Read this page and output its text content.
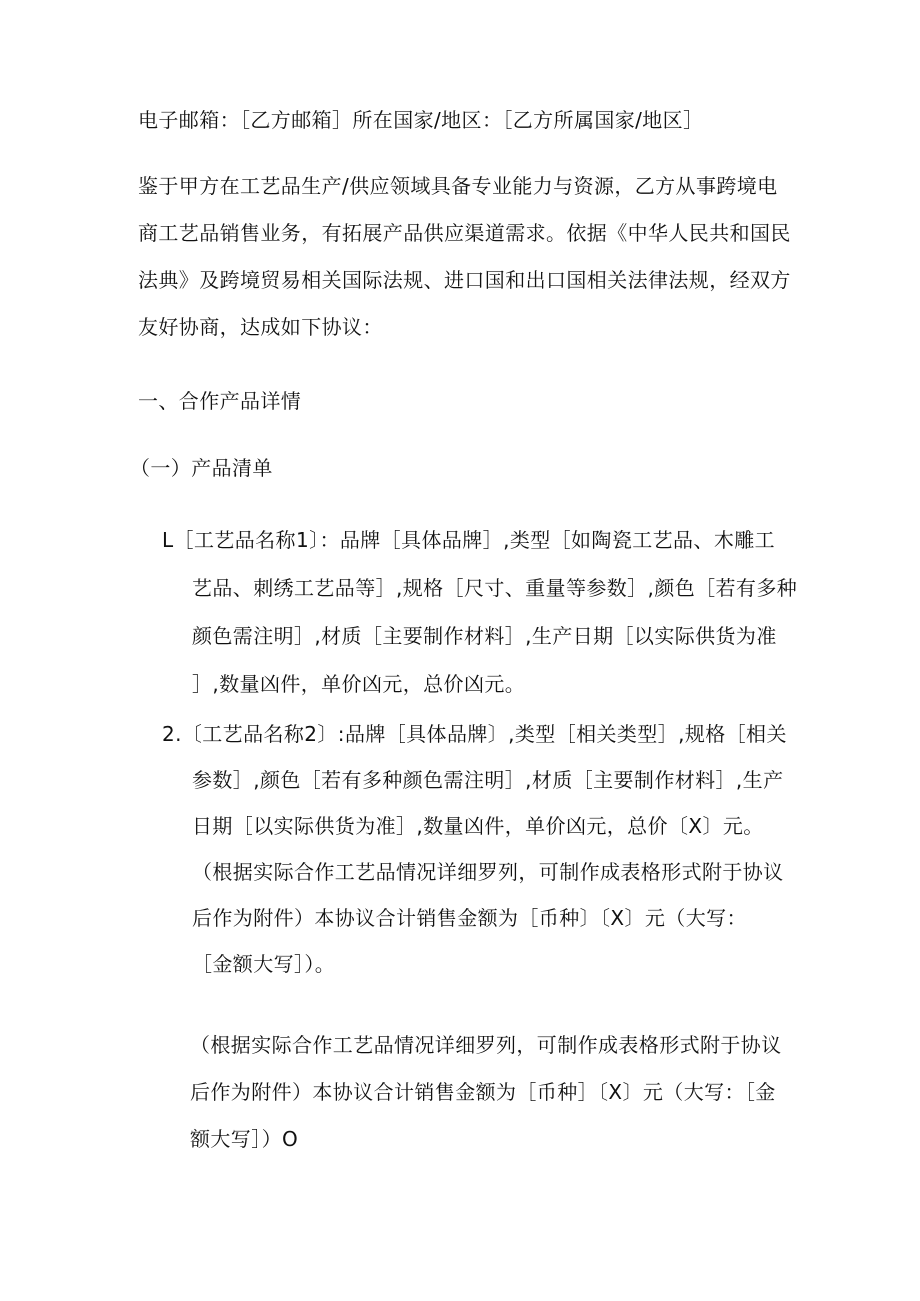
电子邮箱：［乙方邮箱］所在国家/地区：［乙方所属国家/地区］

鉴于甲方在工艺品生产/供应领域具备专业能力与资源，乙方从事跨境电
商工艺品销售业务，有拓展产品供应渠道需求。依据《中华人民共和国民
法典》及跨境贸易相关国际法规、进口国和出口国相关法律法规，经双方
友好协商，达成如下协议：
一、合作产品详情
（一）产品清单
L［工艺品名称1〕：品牌［具体品牌］,类型［如陶瓷工艺品、木雕工
艺品、刺绣工艺品等］,规格［尺寸、重量等参数］,颜色［若有多种
颜色需注明］,材质［主要制作材料］,生产日期［以实际供货为准
］,数量凶件，单价凶元，总价凶元。
2.〔工艺品名称2〕:品牌［具体品牌〕,类型［相关类型］,规格［相关
参数］,颜色［若有多种颜色需注明］,材质［主要制作材料］,生产
日期［以实际供货为准］,数量凶件，单价凶元，总价〔X〕元。
（根据实际合作工艺品情况详细罗列，可制作成表格形式附于协议
后作为附件）本协议合计销售金额为［币种〕〔X〕元（大写：
［金额大写］）。
（根据实际合作工艺品情况详细罗列，可制作成表格形式附于协议
后作为附件）本协议合计销售金额为［币种］〔X〕元（大写：［金
额大写］）O
